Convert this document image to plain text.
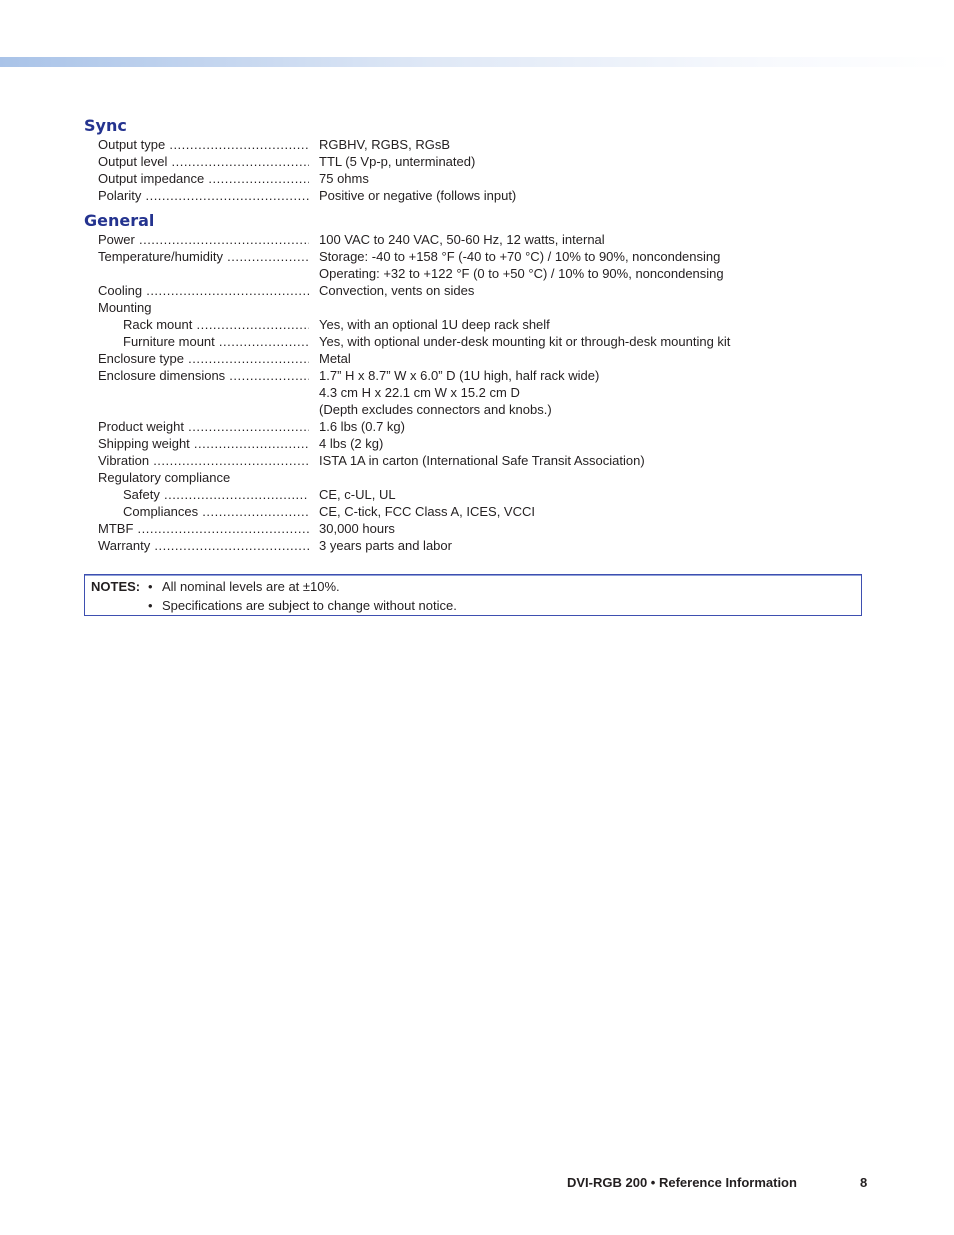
Sync
Output type .....	RGBHV, RGBS, RGsB
Output level .....	TTL (5 Vp-p, unterminated)
Output impedance .....	75 ohms
Polarity .....	Positive or negative (follows input)
General
Power .....	100 VAC to 240 VAC, 50-60 Hz, 12 watts, internal
Temperature/humidity .....	Storage: -40 to +158 °F (-40 to +70 °C) / 10% to 90%, noncondensing
Operating: +32 to +122 °F (0 to +50 °C) / 10% to 90%, noncondensing
Cooling .....	Convection, vents on sides
Mounting
Rack mount .....	Yes, with an optional 1U deep rack shelf
Furniture mount .....	Yes, with optional under-desk mounting kit or through-desk mounting kit
Enclosure type .....	Metal
Enclosure dimensions .....	1.7” H x 8.7” W x 6.0” D (1U high, half rack wide)
4.3 cm H x 22.1 cm W x 15.2 cm D
(Depth excludes connectors and knobs.)
Product weight .....	1.6 lbs (0.7 kg)
Shipping weight .....	4 lbs (2 kg)
Vibration .....	ISTA 1A in carton (International Safe Transit Association)
Regulatory compliance
Safety .....	CE, c-UL, UL
Compliances .....	CE, C-tick, FCC Class A, ICES, VCCI
MTBF .....	30,000 hours
Warranty .....	3 years parts and labor
NOTES: • All nominal levels are at ±10%.
• Specifications are subject to change without notice.
DVI-RGB 200 • Reference Information	8
